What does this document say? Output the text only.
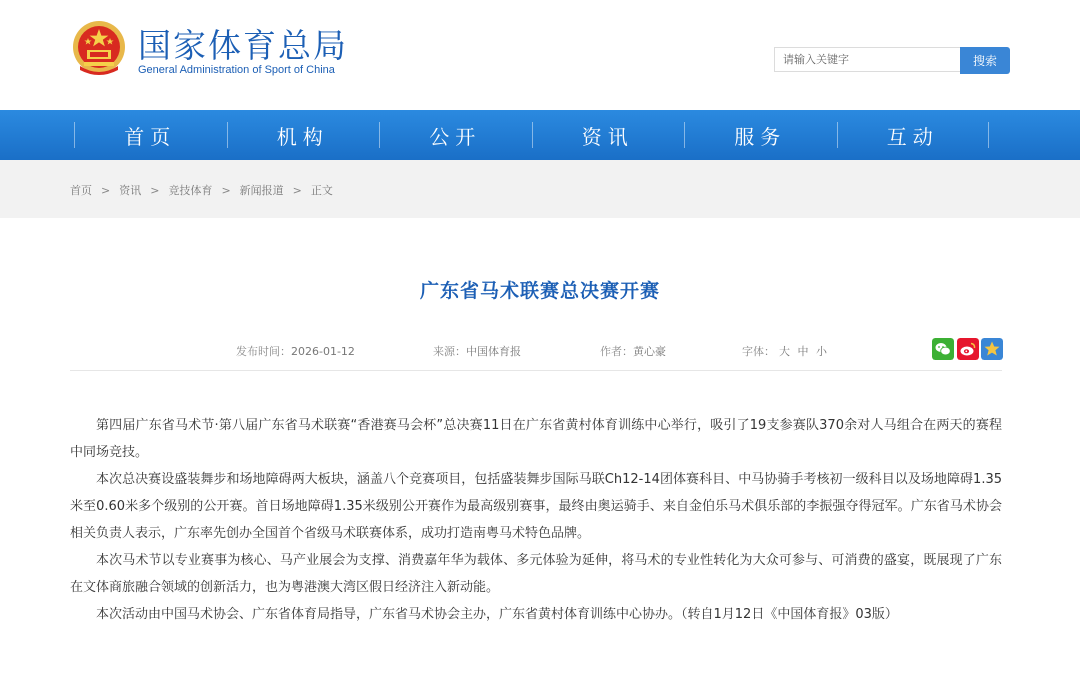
国家体育总局
General Administration of Sport of China
请输入关键字
搜索
首页	机构	公开	资讯	服务	互动
首页 > 资讯 > 竞技体育 > 新闻报道 > 正文
广东省马术联赛总决赛开赛
发布时间：2026-01-12	来源：中国体育报	作者：黄心豪	字体： 大 中 小

第四届广东省马术节·第八届广东省马术联赛“香港赛马会杯”总决赛11日在广东省黄村体育训练中心举行，吸引了19支参赛队370余对人马组合在两天的赛程中同场竞技。

本次总决赛设盛装舞步和场地障碍两大板块，涵盖八个竞赛项目，包括盛装舞步国际马联Ch12-14团体赛科目、中马协骑手考核初一级科目以及场地障碍1.35米至0.60米多个级别的公开赛。首日场地障碍1.35米级别公开赛作为最高级别赛事，最终由奥运骑手、来自金伯乐马术俱乐部的李振强夺得冠军。广东省马术协会相关负责人表示，广东率先创办全国首个省级马术联赛体系，成功打造南粤马术特色品牌。

本次马术节以专业赛事为核心、马产业展会为支撑、消费嘉年华为载体、多元体验为延伸，将马术的专业性转化为大众可参与、可消费的盛宴，既展现了广东在文体商旅融合领域的创新活力，也为粤港澳大湾区假日经济注入新动能。

本次活动由中国马术协会、广东省体育局指导，广东省马术协会主办，广东省黄村体育训练中心协办。（转自1月12日《中国体育报》03版）
